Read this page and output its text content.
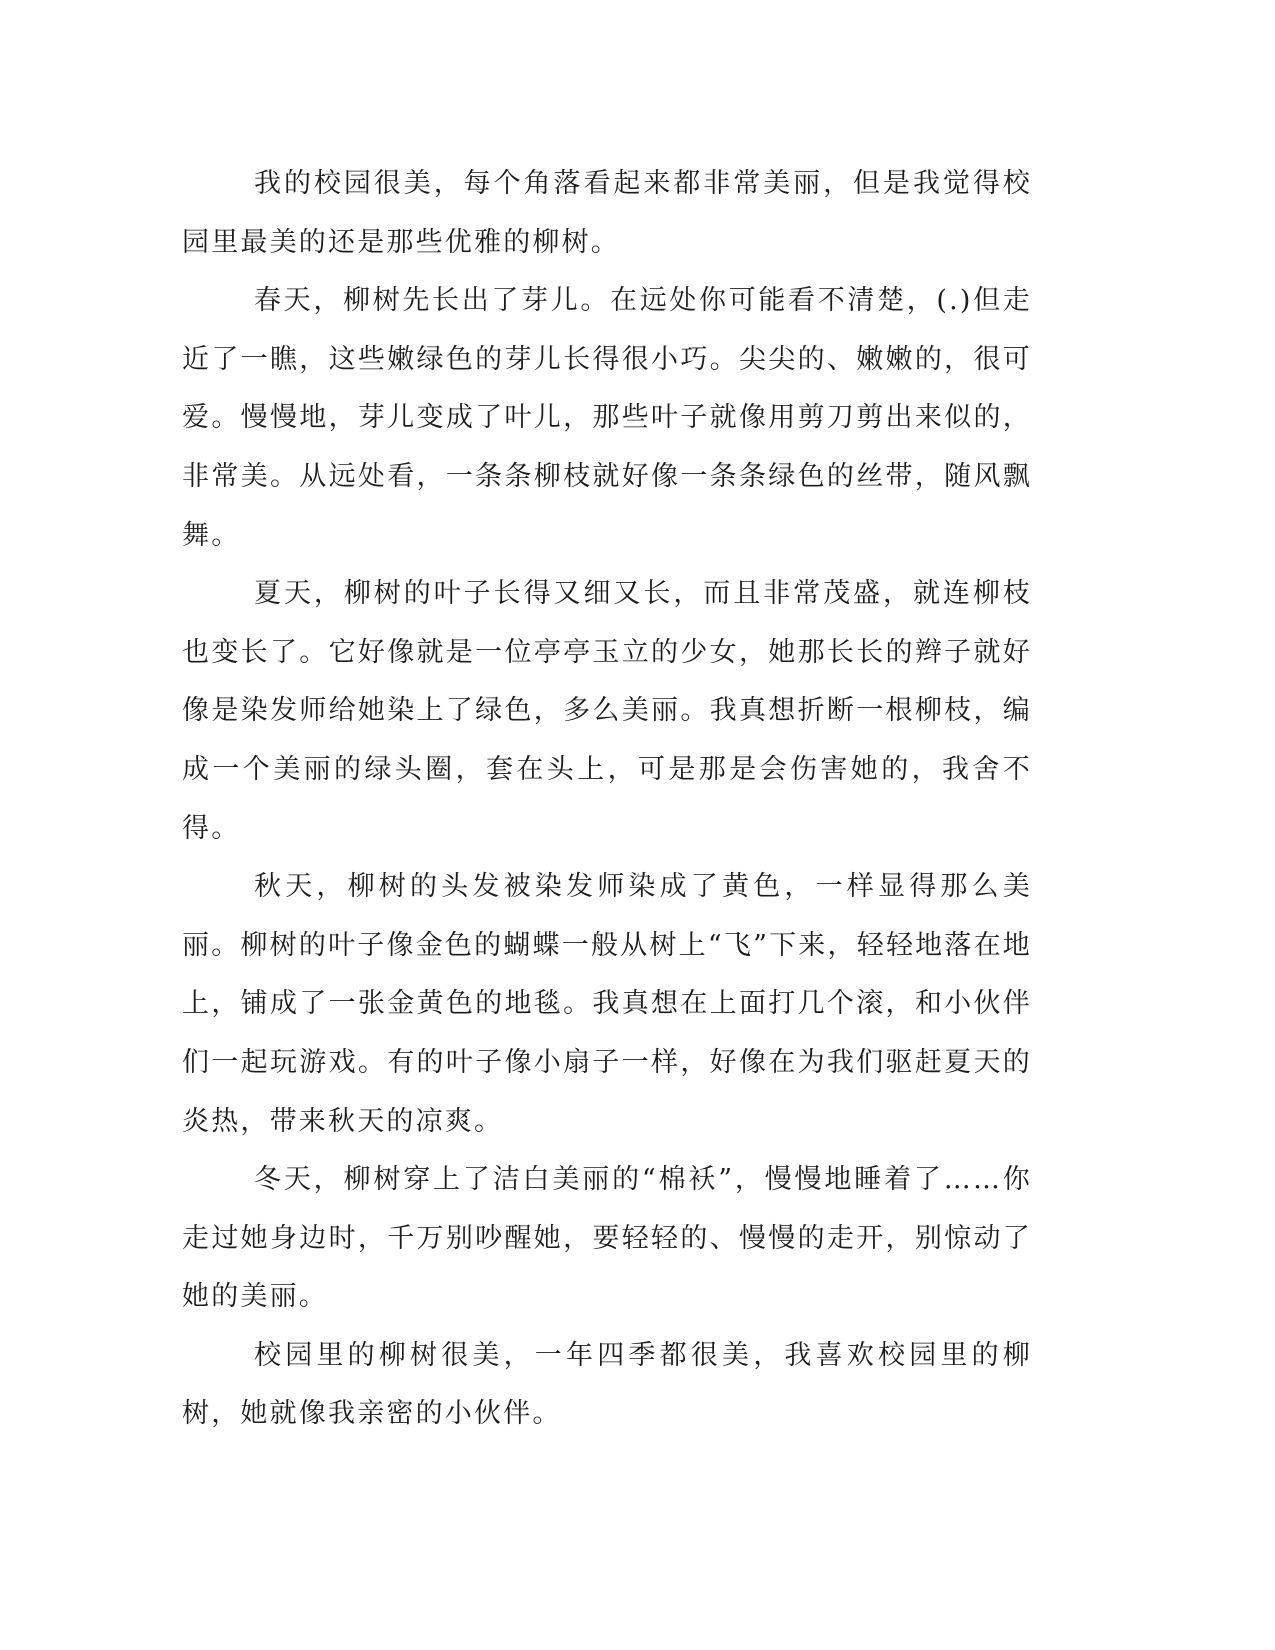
我的校园很美，每个角落看起来都非常美丽，但是我觉得校园里最美的还是那些优雅的柳树。

春天，柳树先长出了芽儿。在远处你可能看不清楚，(.)但走近了一瞧，这些嫩绿色的芽儿长得很小巧。尖尖的、嫩嫩的，很可爱。慢慢地，芽儿变成了叶儿，那些叶子就像用剪刀剪出来似的，非常美。从远处看，一条条柳枝就好像一条条绿色的丝带，随风飘舞。

夏天，柳树的叶子长得又细又长，而且非常茂盛，就连柳枝也变长了。它好像就是一位亭亭玉立的少女，她那长长的辫子就好像是染发师给她染上了绿色，多么美丽。我真想折断一根柳枝，编成一个美丽的绿头圈，套在头上，可是那是会伤害她的，我舍不得。

秋天，柳树的头发被染发师染成了黄色，一样显得那么美丽。柳树的叶子像金色的蝴蝶一般从树上“飞”下来，轻轻地落在地上，铺成了一张金黄色的地毯。我真想在上面打几个滚，和小伙伴们一起玩游戏。有的叶子像小扇子一样，好像在为我们驱赶夏天的炎热，带来秋天的凉爽。

冬天，柳树穿上了洁白美丽的“棉袄”，慢慢地睡着了……你走过她身边时，千万别吵醒她，要轻轻的、慢慢的走开，别惊动了她的美丽。

校园里的柳树很美，一年四季都很美，我喜欢校园里的柳树，她就像我亲密的小伙伴。
